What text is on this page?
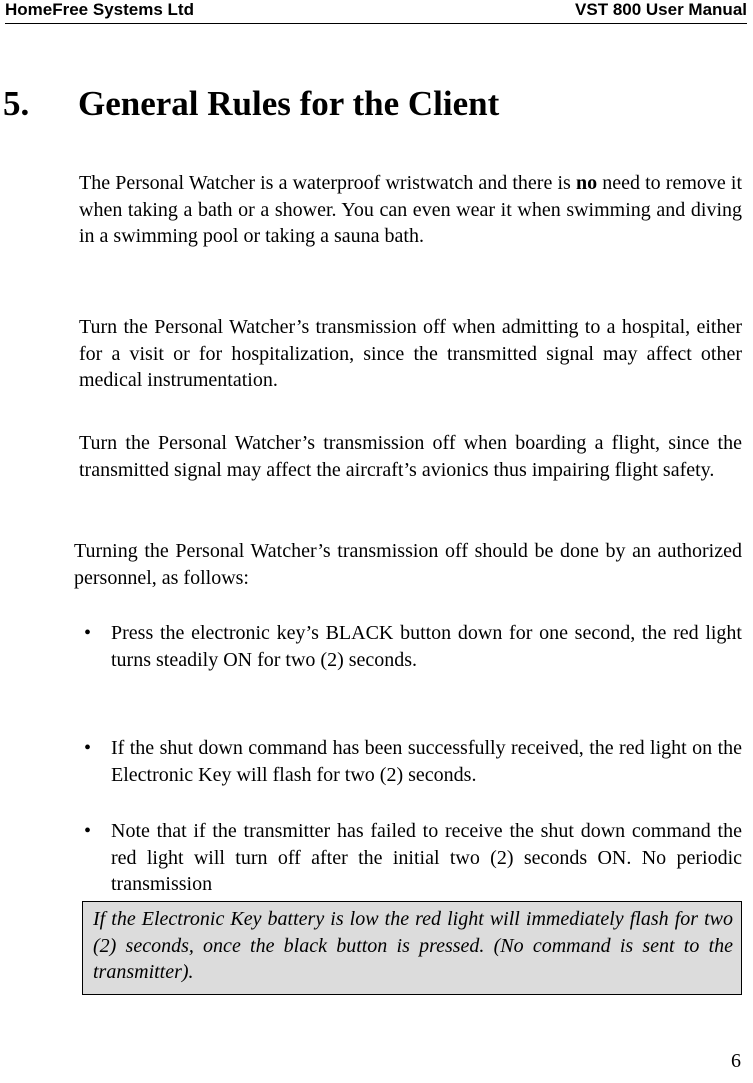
HomeFree Systems Ltd	VST 800 User Manual
5. General Rules for the Client

The Personal Watcher is a waterproof wristwatch and there is no need to remove it when taking a bath or a shower. You can even wear it when swimming and diving in a swimming pool or taking a sauna bath.

Turn the Personal Watcher’s transmission off when admitting to a hospital, either for a visit or for hospitalization, since the transmitted signal may affect other medical instrumentation.

Turn the Personal Watcher’s transmission off when boarding a flight, since the transmitted signal may affect the aircraft’s avionics thus impairing flight safety.

Turning the Personal Watcher’s transmission off should be done by an authorized personnel, as follows:

• Press the electronic key’s BLACK button down for one second, the red light turns steadily ON for two (2) seconds.

• If the shut down command has been successfully received, the red light on the Electronic Key will flash for two (2) seconds.

• Note that if the transmitter has failed to receive the shut down command the red light will turn off after the initial two (2) seconds ON. No periodic transmission

If the Electronic Key battery is low the red light will immediately flash for two (2) seconds, once the black button is pressed. (No command is sent to the transmitter).

6
